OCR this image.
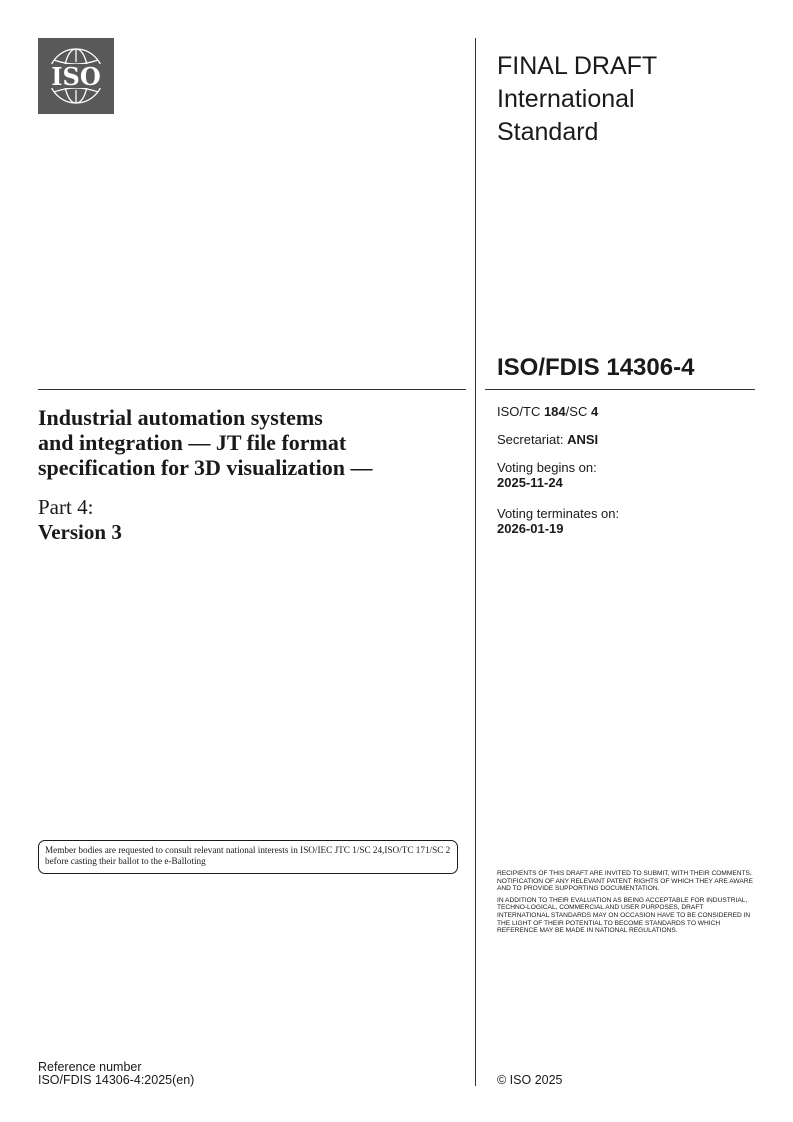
ISO	FINAL DRAFT
International
Standard
ISO/FDIS 14306-4
Industrial automation systems
and integration — JT file format
specification for 3D visualization —
Part 4:
Version 3
ISO/TC 184/SC 4
Secretariat: ANSI
Voting begins on:
2025-11-24
Voting terminates on:
2026-01-19
Member bodies are requested to consult relevant national interests in ISO/IEC JTC 1/SC 24,ISO/TC 171/SC 2 before casting their ballot to the e-Balloting

RECIPIENTS OF THIS DRAFT ARE INVITED TO SUBMIT, WITH THEIR COMMENTS, NOTIFICATION OF ANY RELEVANT PATENT RIGHTS OF WHICH THEY ARE AWARE AND TO PROVIDE SUPPORTING DOCUMENTATION.

IN ADDITION TO THEIR EVALUATION AS BEING ACCEPTABLE FOR INDUSTRIAL, TECHNO-LOGICAL, COMMERCIAL AND USER PURPOSES, DRAFT INTERNATIONAL STANDARDS MAY ON OCCASION HAVE TO BE CONSIDERED IN THE LIGHT OF THEIR POTENTIAL TO BECOME STANDARDS TO WHICH REFERENCE MAY BE MADE IN NATIONAL REGULATIONS.

Reference number
ISO/FDIS 14306-4:2025(en)	© ISO 2025
